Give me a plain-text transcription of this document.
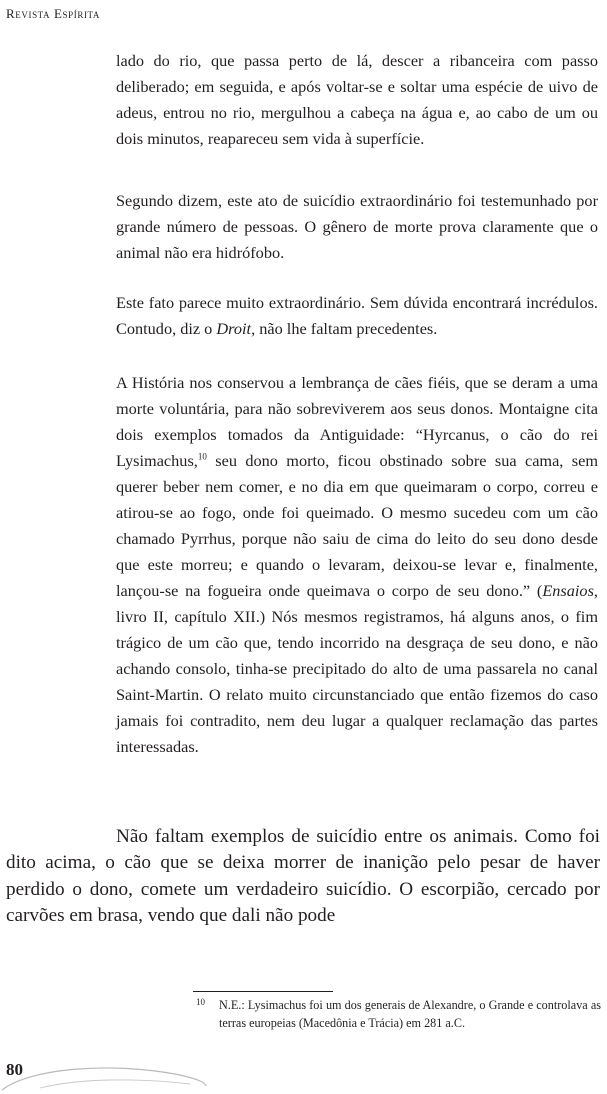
Revista Espírita

lado do rio, que passa perto de lá, descer a ribanceira com passo deliberado; em seguida, e após voltar-se e soltar uma espécie de uivo de adeus, entrou no rio, mergulhou a cabeça na água e, ao cabo de um ou dois minutos, reapareceu sem vida à superfície.

Segundo dizem, este ato de suicídio extraordinário foi testemunhado por grande número de pessoas. O gênero de morte prova claramente que o animal não era hidrófobo.

Este fato parece muito extraordinário. Sem dúvida encontrará incrédulos. Contudo, diz o Droit, não lhe faltam precedentes.

A História nos conservou a lembrança de cães fiéis, que se deram a uma morte voluntária, para não sobreviverem aos seus donos. Montaigne cita dois exemplos tomados da Antiguidade: “Hyrcanus, o cão do rei Lysimachus,$^{10}$ seu dono morto, ficou obstinado sobre sua cama, sem querer beber nem comer, e no dia em que queimaram o corpo, correu e atirou-se ao fogo, onde foi queimado. O mesmo sucedeu com um cão chamado Pyrrhus, porque não saiu de cima do leito do seu dono desde que este morreu; e quando o levaram, deixou-se levar e, finalmente, lançou-se na fogueira onde queimava o corpo de seu dono.” (Ensaios, livro II, capítulo XII.) Nós mesmos registramos, há alguns anos, o fim trágico de um cão que, tendo incorrido na desgraça de seu dono, e não achando consolo, tinha-se precipitado do alto de uma passarela no canal Saint-Martin. O relato muito circunstanciado que então fizemos do caso jamais foi contradito, nem deu lugar a qualquer reclamação das partes interessadas.

Não faltam exemplos de suicídio entre os animais. Como foi dito acima, o cão que se deixa morrer de inanição pelo pesar de haver perdido o dono, comete um verdadeiro suicídio. O escorpião, cercado por carvões em brasa, vendo que dali não pode
10 N.E.: Lysimachus foi um dos generais de Alexandre, o Grande e controlava as terras europeias (Macedônia e Trácia) em 281 a.C.
80
